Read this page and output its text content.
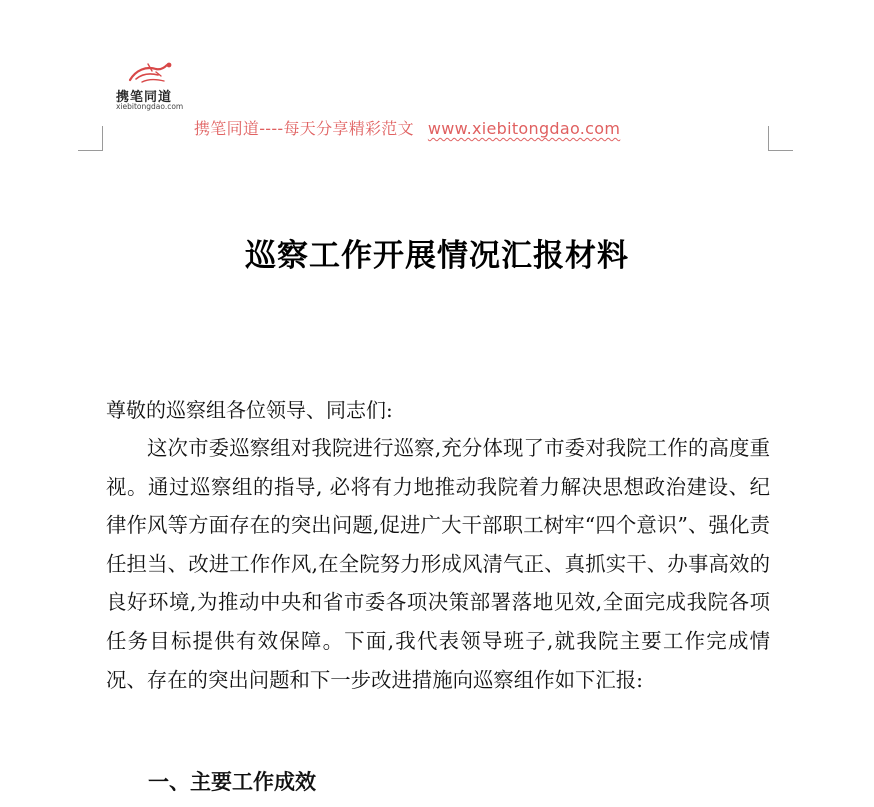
携笔同道
xiebitongdao.com
携笔同道----每天分享精彩范文 www.xiebitongdao.com
巡察工作开展情况汇报材料
尊敬的巡察组各位领导、同志们:

这次市委巡察组对我院进行巡察,充分体现了市委对我院工作的高度重视。通过巡察组的指导, 必将有力地推动我院着力解决思想政治建设、纪律作风等方面存在的突出问题,促进广大干部职工树牢“四个意识”、强化责任担当、改进工作作风,在全院努力形成风清气正、真抓实干、办事高效的良好环境,为推动中央和省市委各项决策部署落地见效,全面完成我院各项任务目标提供有效保障。下面,我代表领导班子,就我院主要工作完成情况、存在的突出问题和下一步改进措施向巡察组作如下汇报:

一、主要工作成效
